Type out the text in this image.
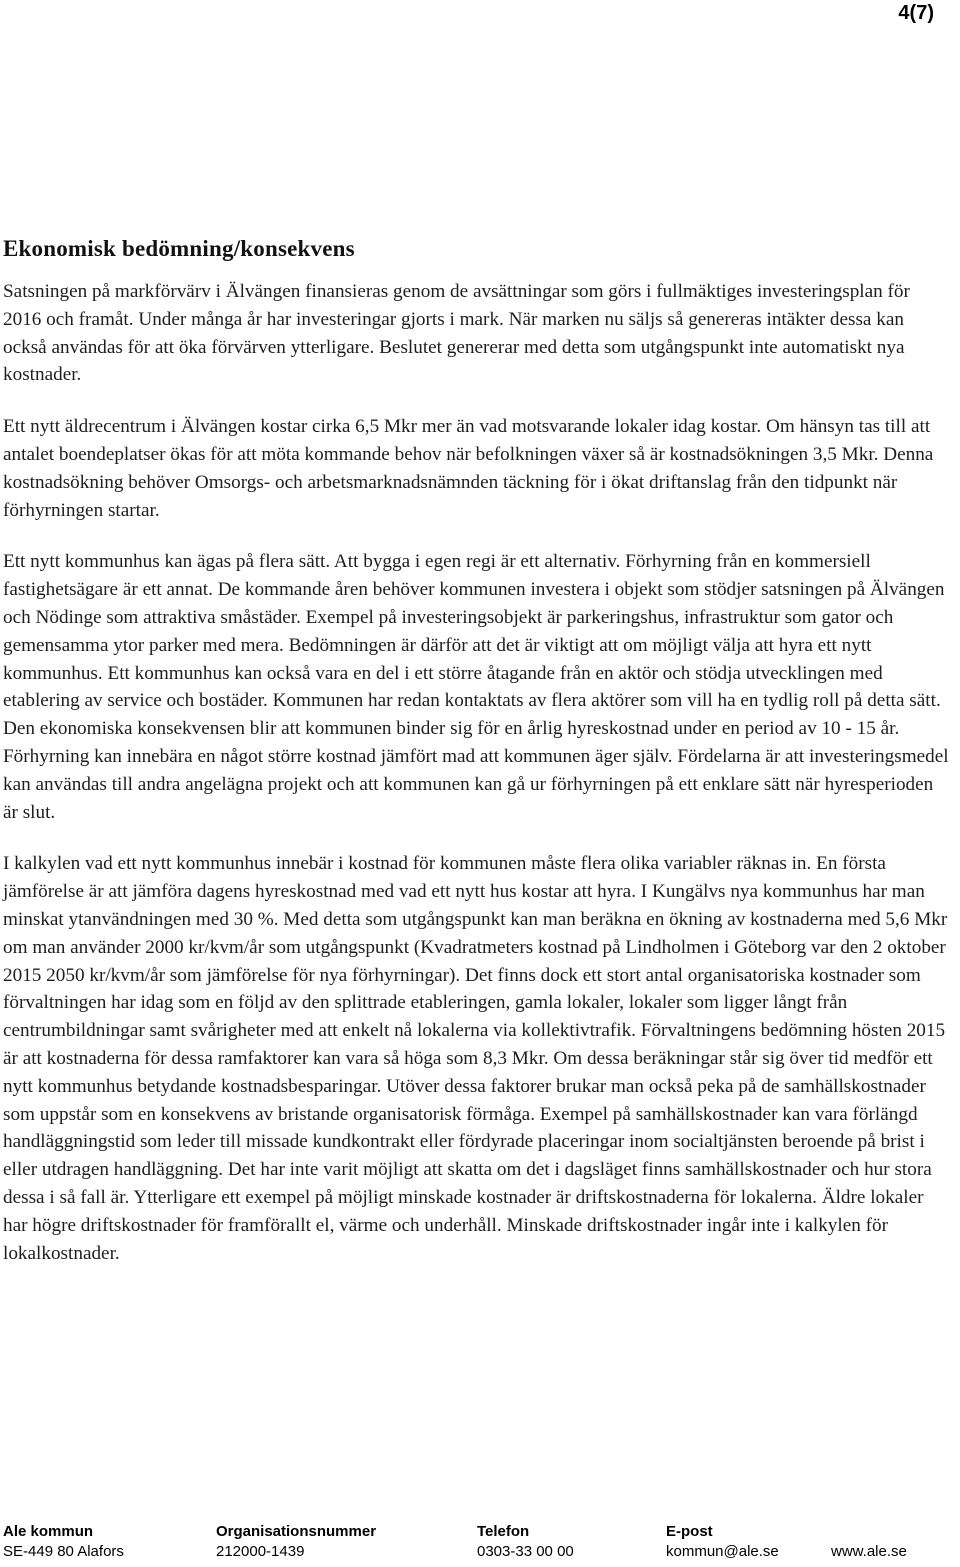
4(7)
Ekonomisk bedömning/konsekvens

Satsningen på markförvärv i Älvängen finansieras genom de avsättningar som görs i fullmäktiges investeringsplan för 2016 och framåt. Under många år har investeringar gjorts i mark. När marken nu säljs så genereras intäkter dessa kan också användas för att öka förvärven ytterligare. Beslutet genererar med detta som utgångspunkt inte automatiskt nya kostnader.

Ett nytt äldrecentrum i Älvängen kostar cirka 6,5 Mkr mer än vad motsvarande lokaler idag kostar. Om hänsyn tas till att antalet boendeplatser ökas för att möta kommande behov när befolkningen växer så är kostnadsökningen 3,5 Mkr. Denna kostnadsökning behöver Omsorgs- och arbetsmarknadsnämnden täckning för i ökat driftanslag från den tidpunkt när förhyrningen startar.

Ett nytt kommunhus kan ägas på flera sätt. Att bygga i egen regi är ett alternativ. Förhyrning från en kommersiell fastighetsägare är ett annat. De kommande åren behöver kommunen investera i objekt som stödjer satsningen på Älvängen och Nödinge som attraktiva småstäder. Exempel på investeringsobjekt är parkeringshus, infrastruktur som gator och gemensamma ytor parker med mera. Bedömningen är därför att det är viktigt att om möjligt välja att hyra ett nytt kommunhus. Ett kommunhus kan också vara en del i ett större åtagande från en aktör och stödja utvecklingen med etablering av service och bostäder. Kommunen har redan kontaktats av flera aktörer som vill ha en tydlig roll på detta sätt. Den ekonomiska konsekvensen blir att kommunen binder sig för en årlig hyreskostnad under en period av 10 - 15 år. Förhyrning kan innebära en något större kostnad jämfört mad att kommunen äger själv. Fördelarna är att investeringsmedel kan användas till andra angelägna projekt och att kommunen kan gå ur förhyrningen på ett enklare sätt när hyresperioden är slut.

I kalkylen vad ett nytt kommunhus innebär i kostnad för kommunen måste flera olika variabler räknas in. En första jämförelse är att jämföra dagens hyreskostnad med vad ett nytt hus kostar att hyra. I Kungälvs nya kommunhus har man minskat ytanvändningen med 30 %. Med detta som utgångspunkt kan man beräkna en ökning av kostnaderna med 5,6 Mkr om man använder 2000 kr/kvm/år som utgångspunkt (Kvadratmeters kostnad på Lindholmen i Göteborg var den 2 oktober 2015 2050 kr/kvm/år som jämförelse för nya förhyrningar). Det finns dock ett stort antal organisatoriska kostnader som förvaltningen har idag som en följd av den splittrade etableringen, gamla lokaler, lokaler som ligger långt från centrumbildningar samt svårigheter med att enkelt nå lokalerna via kollektivtrafik. Förvaltningens bedömning hösten 2015 är att kostnaderna för dessa ramfaktorer kan vara så höga som 8,3 Mkr. Om dessa beräkningar står sig över tid medför ett nytt kommunhus betydande kostnadsbesparingar. Utöver dessa faktorer brukar man också peka på de samhällskostnader som uppstår som en konsekvens av bristande organisatorisk förmåga. Exempel på samhällskostnader kan vara förlängd handläggningstid som leder till missade kundkontrakt eller fördyrade placeringar inom socialtjänsten beroende på brist i eller utdragen handläggning. Det har inte varit möjligt att skatta om det i dagsläget finns samhällskostnader och hur stora dessa i så fall är. Ytterligare ett exempel på möjligt minskade kostnader är driftskostnaderna för lokalerna. Äldre lokaler har högre driftskostnader för framförallt el, värme och underhåll. Minskade driftskostnader ingår inte i kalkylen för lokalkostnader.

Ale kommun
SE-449 80 Alafors
Organisationsnummer
212000-1439
Telefon
0303-33 00 00
E-post
kommun@ale.se	www.ale.se
